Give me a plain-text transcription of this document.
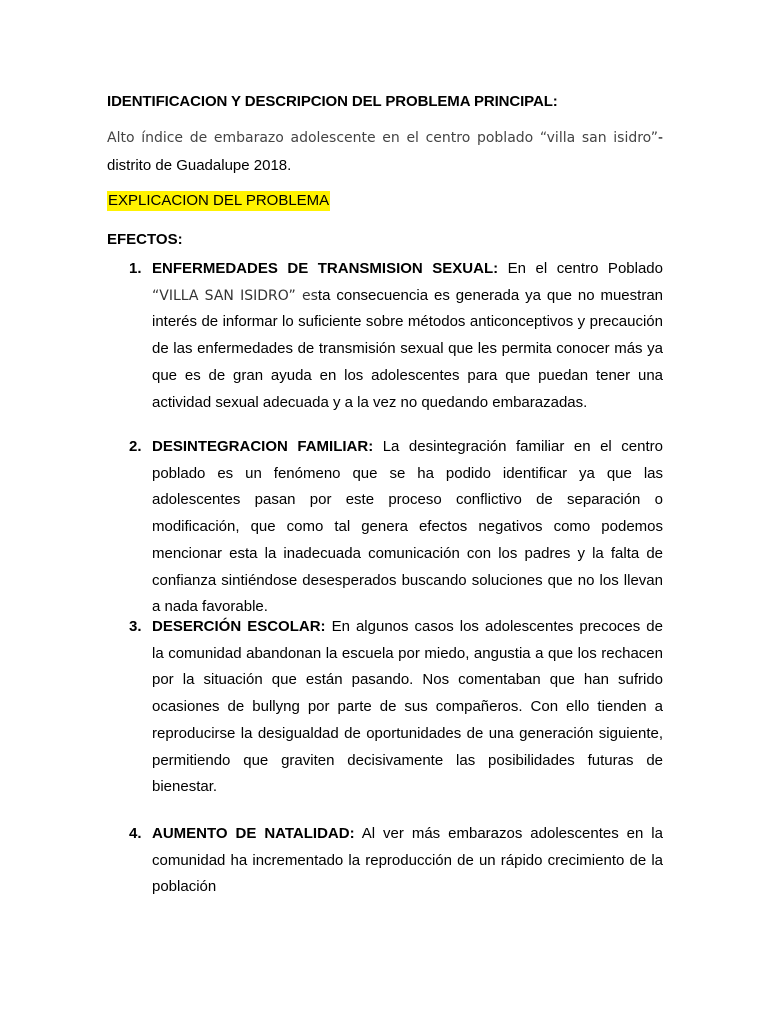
IDENTIFICACION Y DESCRIPCION DEL PROBLEMA PRINCIPAL:

Alto índice de embarazo adolescente en el centro poblado “villa san isidro”- distrito de Guadalupe 2018.

EXPLICACION DEL PROBLEMA

EFECTOS:

1. ENFERMEDADES DE TRANSMISION SEXUAL: En el centro Poblado “VILLA SAN ISIDRO” esta consecuencia es generada ya que no muestran interés de informar lo suficiente sobre métodos anticonceptivos y precaución de las enfermedades de transmisión sexual que les permita conocer más ya que es de gran ayuda en los adolescentes para que puedan tener una actividad sexual adecuada y a la vez no quedando embarazadas.

2. DESINTEGRACION FAMILIAR: La desintegración familiar en el centro poblado es un fenómeno que se ha podido identificar ya que las adolescentes pasan por este proceso conflictivo de separación o modificación, que como tal genera efectos negativos como podemos mencionar esta la inadecuada comunicación con los padres y la falta de confianza sintiéndose desesperados buscando soluciones que no los llevan a nada favorable.

3. DESERCIÓN ESCOLAR: En algunos casos los adolescentes precoces de la comunidad abandonan la escuela por miedo, angustia a que los rechacen por la situación que están pasando. Nos comentaban que han sufrido ocasiones de bullyng por parte de sus compañeros. Con ello tienden a reproducirse la desigualdad de oportunidades de una generación siguiente, permitiendo que graviten decisivamente las posibilidades futuras de bienestar.

4. AUMENTO DE NATALIDAD: Al ver más embarazos adolescentes en la comunidad ha incrementado la reproducción de un rápido crecimiento de la población
